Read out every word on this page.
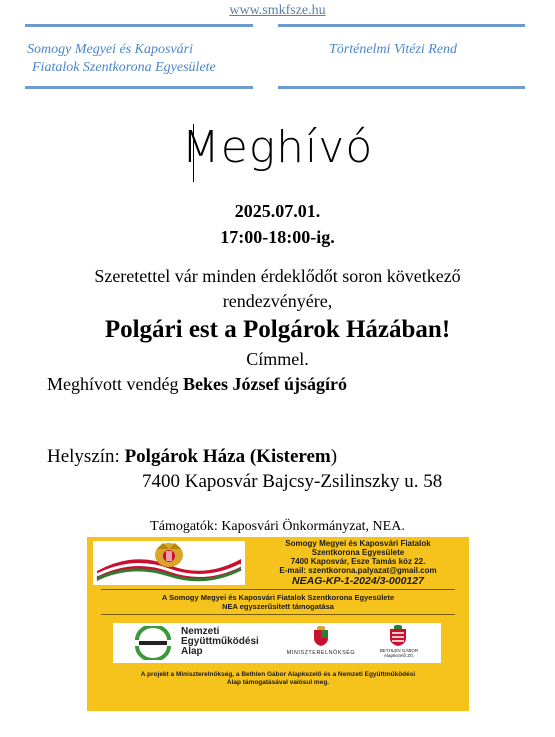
www.smkfsze.hu
Somogy Megyei és Kaposvári
Fiatalok Szentkorona Egyesülete
Történelmi Vitézi Rend
Meghívó
2025.07.01.
17:00-18:00-ig.
Szeretettel vár minden érdeklődőt soron következő
rendezvényére,
Polgári est a Polgárok Házában!
Címmel.
Meghívott vendég Bekes József újságíró
Helyszín: Polgárok Háza (Kisterem)
7400 Kaposvár Bajcsy-Zsilinszky u. 58
Támogatók: Kaposvári Önkormányzat, NEA.
Somogy Megyei és Kaposvári Fiatalok
Szentkorona Egyesülete
7400 Kaposvár, Esze Tamás köz 22.
E-mail: szentkorona.palyazat@gmail.com
NEAG-KP-1-2024/3-000127
A Somogy Megyei és Kaposvári Fiatalok Szentkorona Egyesülete
NEA egyszerűsített támogatása
Nemzeti
Együttműködési
Alap	MINISZTERELNÖKSÉG	BETHLEN GÁBOR
Alapkezelő Zrt.
A projekt a Miniszterelnökség, a Bethlen Gábor Alapkezelő és a Nemzeti Együttműködési
Alap támogatásával valósul meg.
